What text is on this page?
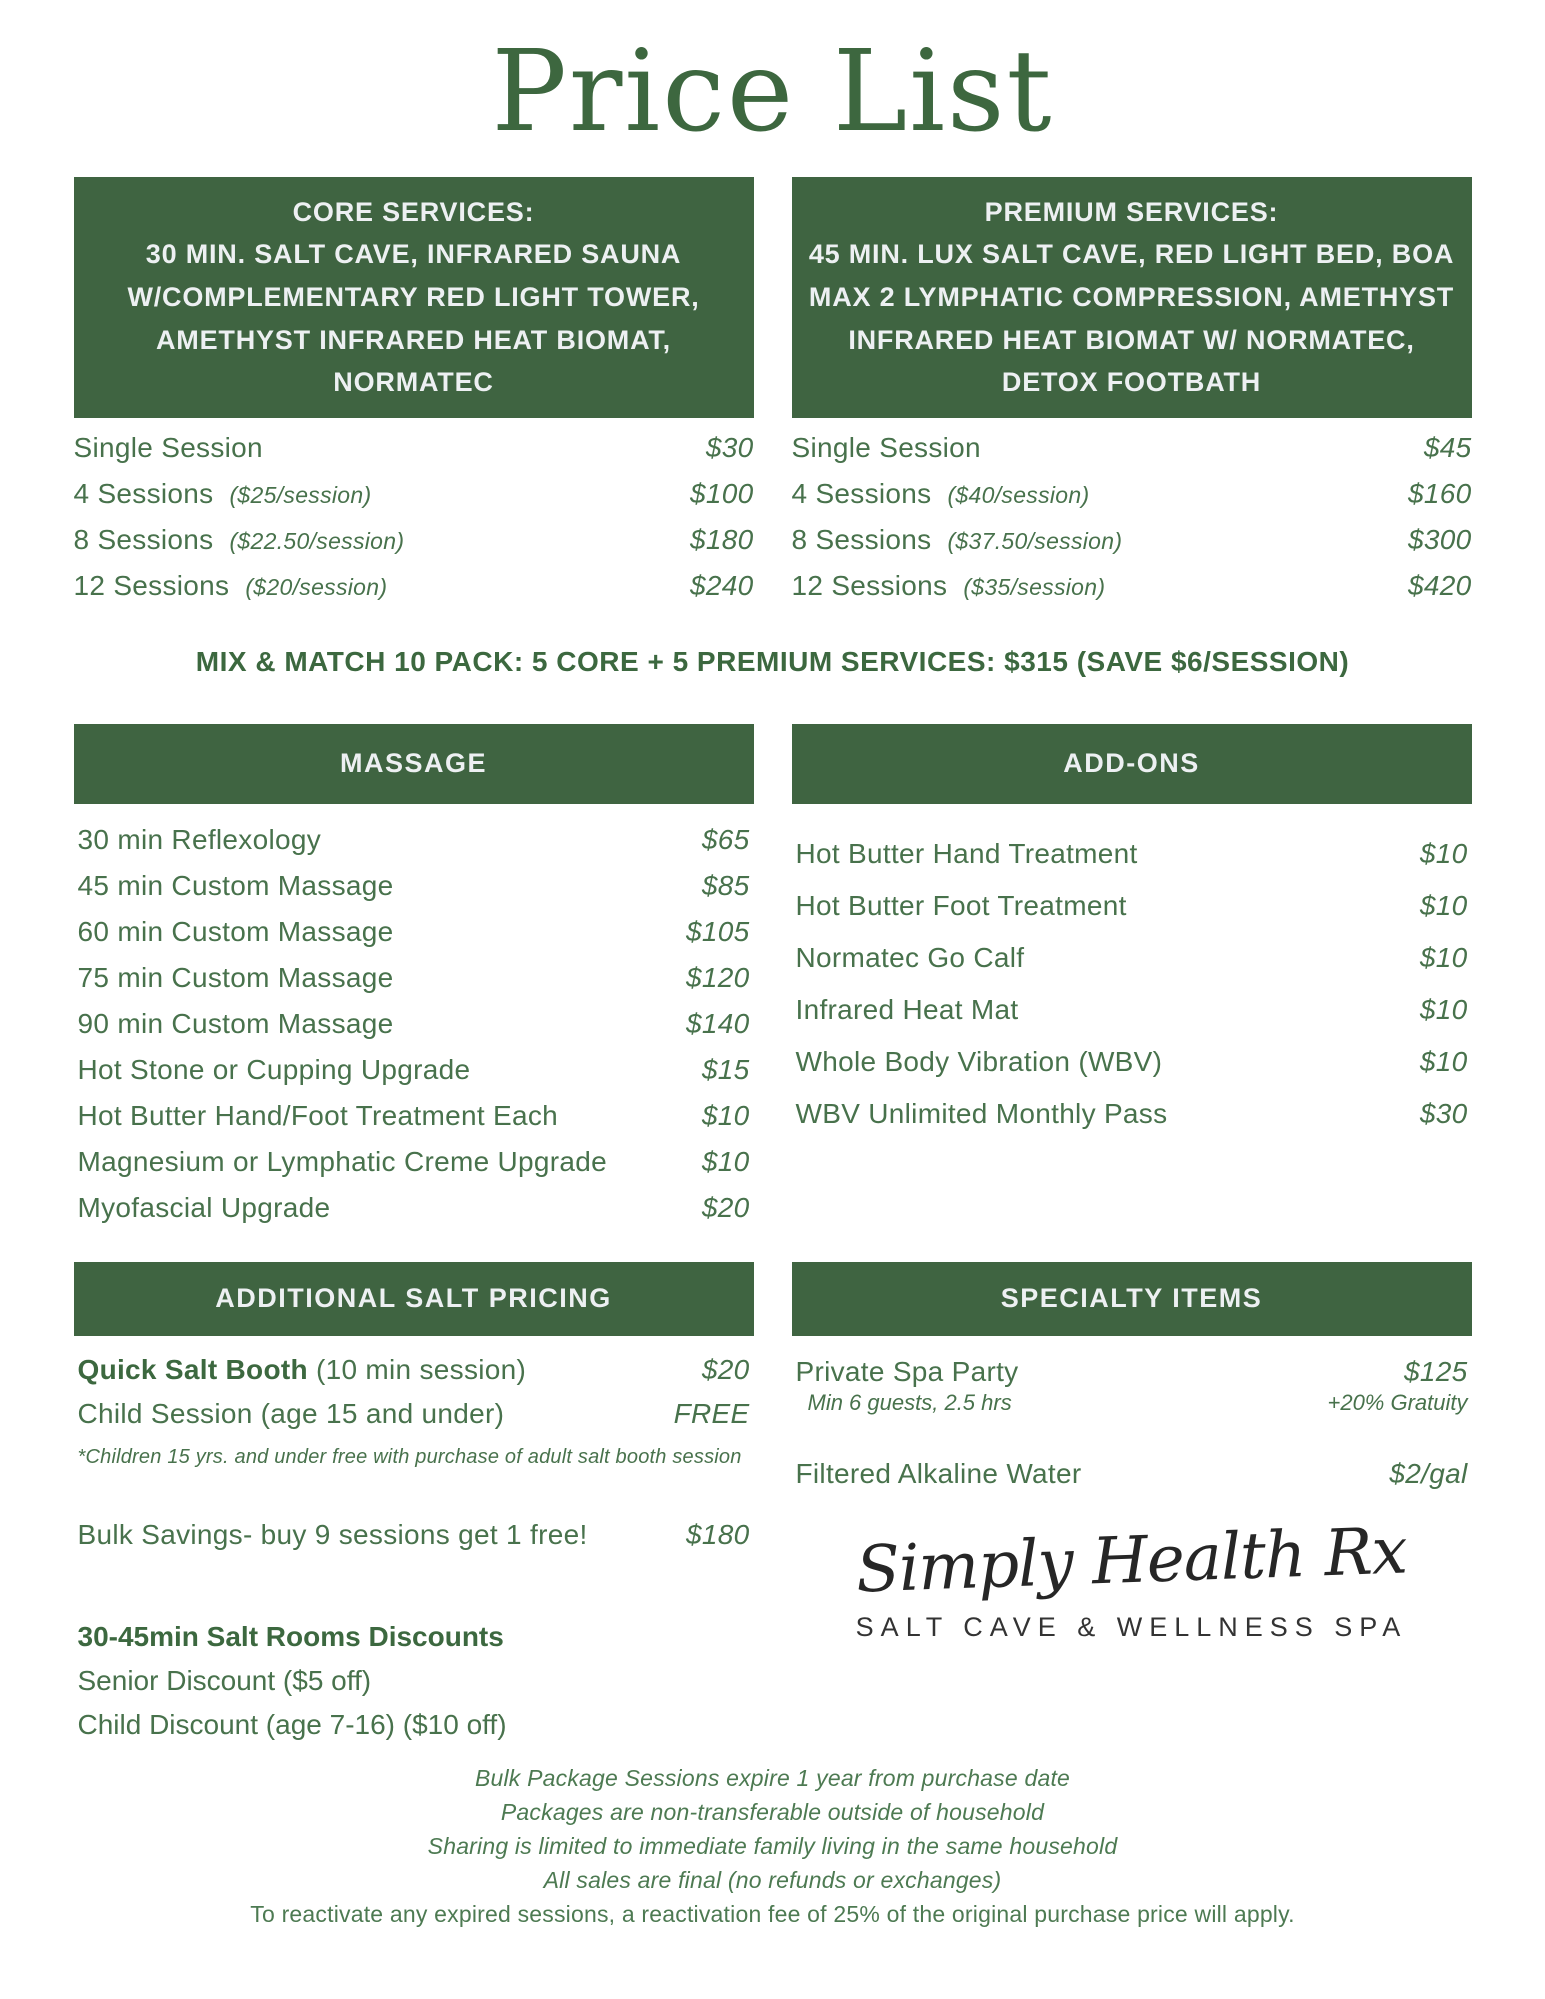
Price List
CORE SERVICES:
30 MIN. SALT CAVE, INFRARED SAUNA W/COMPLEMENTARY RED LIGHT TOWER, AMETHYST INFRARED HEAT BIOMAT, NORMATEC
Single Session	$30
4 Sessions ($25/session)	$100
8 Sessions ($22.50/session)	$180
12 Sessions ($20/session)	$240
PREMIUM SERVICES:
45 MIN. LUX SALT CAVE, RED LIGHT BED, BOA MAX 2 LYMPHATIC COMPRESSION, AMETHYST INFRARED HEAT BIOMAT W/ NORMATEC, DETOX FOOTBATH
Single Session	$45
4 Sessions ($40/session)	$160
8 Sessions ($37.50/session)	$300
12 Sessions ($35/session)	$420
MIX & MATCH 10 PACK: 5 CORE + 5 PREMIUM SERVICES: $315 (SAVE $6/SESSION)
MASSAGE
30 min Reflexology	$65
45 min Custom Massage	$85
60 min Custom Massage	$105
75 min Custom Massage	$120
90 min Custom Massage	$140
Hot Stone or Cupping Upgrade	$15
Hot Butter Hand/Foot Treatment Each	$10
Magnesium or Lymphatic Creme Upgrade	$10
Myofascial Upgrade	$20
ADD-ONS
Hot Butter Hand Treatment	$10
Hot Butter Foot Treatment	$10
Normatec Go Calf	$10
Infrared Heat Mat	$10
Whole Body Vibration (WBV)	$10
WBV Unlimited Monthly Pass	$30
ADDITIONAL SALT PRICING
Quick Salt Booth (10 min session)	$20
Child Session (age 15 and under)	FREE
*Children 15 yrs. and under free with purchase of adult salt booth session
Bulk Savings- buy 9 sessions get 1 free!	$180
30-45min Salt Rooms Discounts
Senior Discount ($5 off)
Child Discount (age 7-16) ($10 off)
SPECIALTY ITEMS
Private Spa Party	$125
Min 6 guests, 2.5 hrs	+20% Gratuity
Filtered Alkaline Water	$2/gal
Simply Health Rx
SALT CAVE & WELLNESS SPA
Bulk Package Sessions expire 1 year from purchase date
Packages are non-transferable outside of household
Sharing is limited to immediate family living in the same household
All sales are final (no refunds or exchanges)
To reactivate any expired sessions, a reactivation fee of 25% of the original purchase price will apply.
